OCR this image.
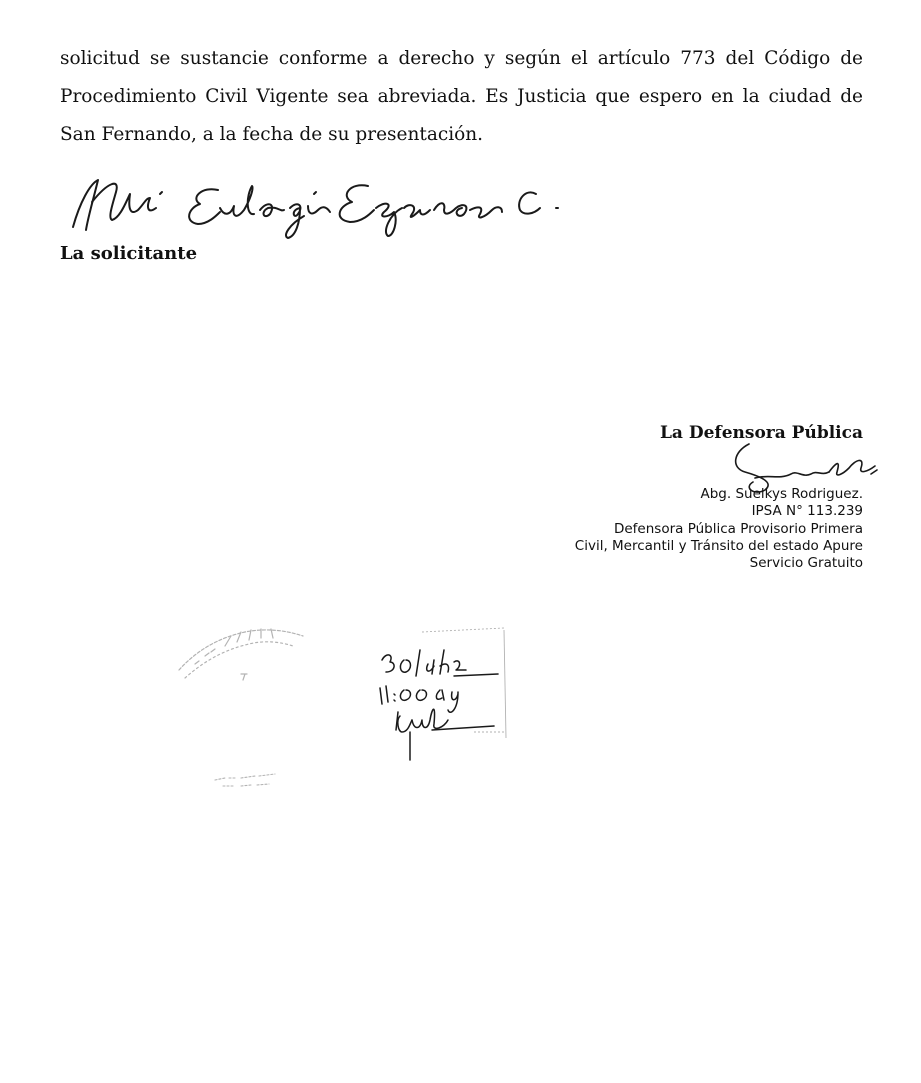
solicitud se sustancie conforme a derecho y según el artículo 773 del Código de Procedimiento Civil Vigente sea abreviada. Es Justicia que espero en la ciudad de San Fernando, a la fecha de su presentación.

La solicitante
La Defensora Pública
Abg. Suelkys Rodriguez.
IPSA N° 113.239
Defensora Pública Provisorio Primera
Civil, Mercantil y Tránsito del estado Apure
Servicio Gratuito
